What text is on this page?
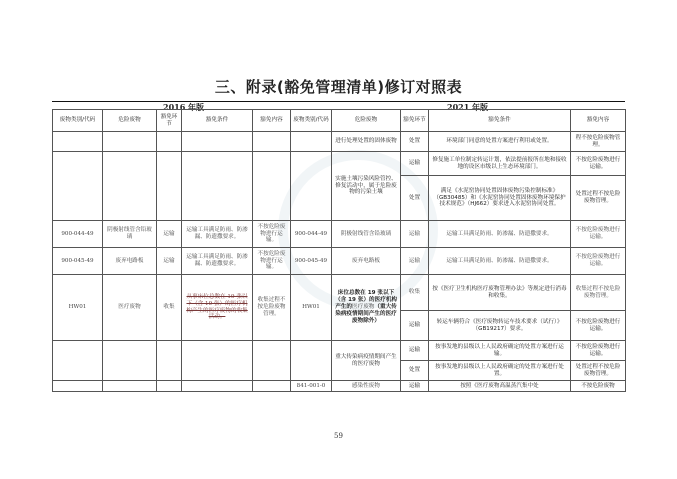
三、附录(豁免管理清单)修订对照表
2016 年版	2021 年版
废物类别/代码	危险废物	豁免环节	豁免条件	豁免内容	废物类别/代码	危险废物	豁免环节	豁免条件	豁免内容
						进行处理处置的固体废物	处置	环境部门同意的处置方案进行利用或处置。	程不按危险废物管理。
						实施土壤污染风险管控、修复活动中，属于危险废物的污染土壤	运输	修复施工单位制定转运计划，依法提前报所在地和接收地的设区市级以上生态环境部门。	不按危险废物进行运输。
							处置	满足《水泥窑协同处置固体废物污染控制标准》（GB30485）和《水泥窑协同处置固体废物环境保护技术规范》（HJ662）要求进入水泥窑协同处置。	处置过程不按危险废物管理。
900-044-49	阴极射线管含铅玻璃	运输	运输工具满足防雨、防渗漏、防遗撒要求。	不按危险废物进行运输。	900-044-49	阴极射线管含铅玻璃	运输	运输工具满足防雨、防渗漏、防遗撒要求。	不按危险废物进行运输。
900-045-49	废弃电路板	运输	运输工具满足防雨、防渗漏、防遗撒要求。	不按危险废物进行运输。	900-045-49	废弃电路板	运输	运输工具满足防雨、防渗漏、防遗撒要求。	不按危险废物进行运输。
HW01	医疗废物	收集	从事床位总数在 19 张以下（含 19 张）的医疗机构产生的医疗废物的收集活动。	收集过程不按危险废物管理。	HW01	床位总数在 19 张以下（含 19 张）的医疗机构产生的医疗废物（重大传染病疫情期间产生的医疗废物除外）	收集	按《医疗卫生机构医疗废物管理办法》等规定进行消毒和收集。	收集过程不按危险废物管理。
							运输	转运车辆符合《医疗废物转运车技术要求（试行）》（GB19217）要求。	不按危险废物进行运输。
						重大传染病疫情期间产生的医疗废物	运输	按事发地的县级以上人民政府确定的处置方案进行运输。	不按危险废物进行运输。
							处置	按事发地的县级以上人民政府确定的处置方案进行处置。	处置过程不按危险废物管理。
					841-001-0	感染性废物	运输	按照《医疗废物高温蒸汽集中处	不按危险废物
59
